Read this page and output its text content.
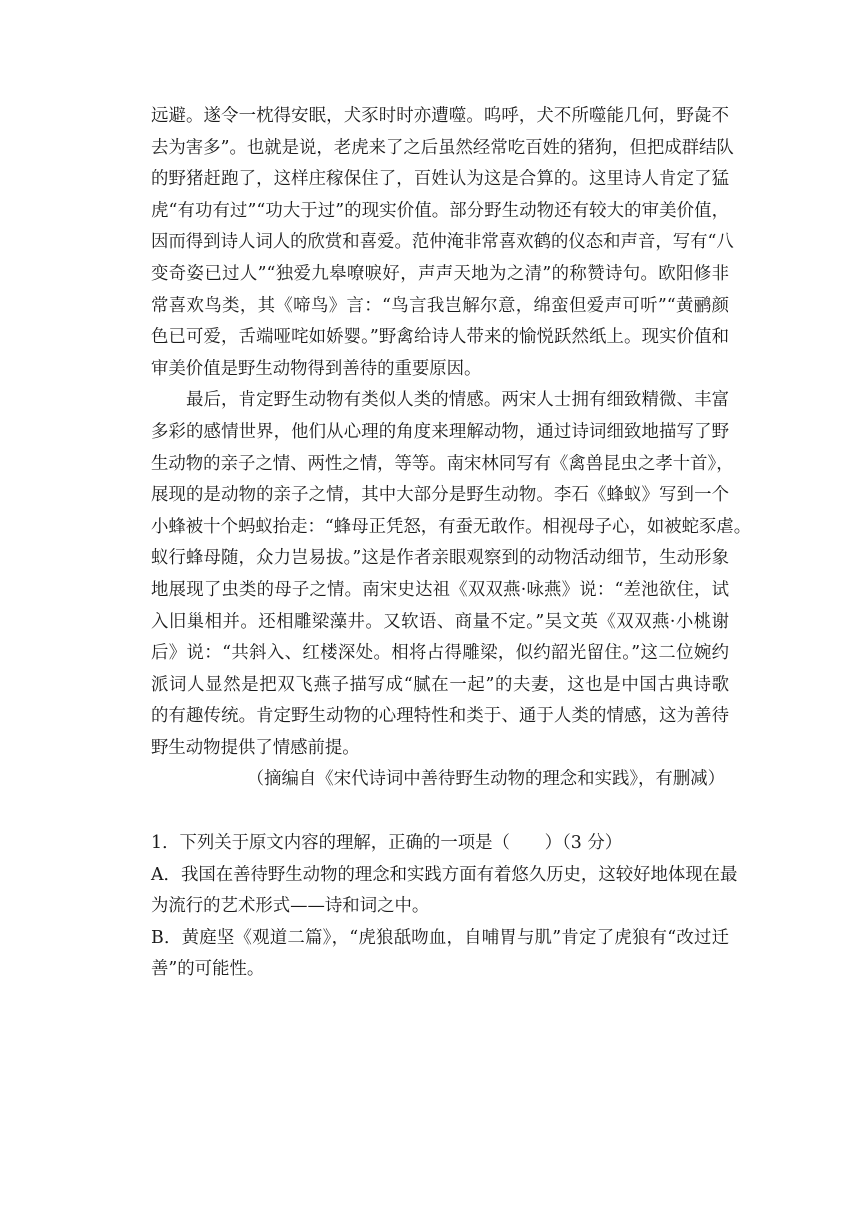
远避。遂令一枕得安眠，犬豕时时亦遭噬。呜呼，犬不所噬能几何，野彘不
去为害多”。也就是说，老虎来了之后虽然经常吃百姓的猪狗，但把成群结队
的野猪赶跑了，这样庄稼保住了，百姓认为这是合算的。这里诗人肯定了猛
虎“有功有过”“功大于过”的现实价值。部分野生动物还有较大的审美价值，
因而得到诗人词人的欣赏和喜爱。范仲淹非常喜欢鹤的仪态和声音，写有“八
变奇姿已过人”“独爱九皋嘹唳好，声声天地为之清”的称赞诗句。欧阳修非
常喜欢鸟类，其《啼鸟》言：“鸟言我岂解尔意，绵蛮但爱声可听”“黄鹂颜
色已可爱，舌端哑咤如娇婴。”野禽给诗人带来的愉悦跃然纸上。现实价值和
审美价值是野生动物得到善待的重要原因。
最后，肯定野生动物有类似人类的情感。两宋人士拥有细致精微、丰富
多彩的感情世界，他们从心理的角度来理解动物，通过诗词细致地描写了野
生动物的亲子之情、两性之情，等等。南宋林同写有《禽兽昆虫之孝十首》，
展现的是动物的亲子之情，其中大部分是野生动物。李石《蜂蚁》写到一个
小蜂被十个蚂蚁抬走：“蜂母正凭怒，有蚕无敢作。相视母子心，如被蛇豕虐。
蚁行蜂母随，众力岂易拔。”这是作者亲眼观察到的动物活动细节，生动形象
地展现了虫类的母子之情。南宋史达祖《双双燕·咏燕》说：“差池欲住，试
入旧巢相并。还相雕梁藻井。又软语、商量不定。”吴文英《双双燕·小桃谢
后》说：“共斜入、红楼深处。相将占得雕梁，似约韶光留住。”这二位婉约
派词人显然是把双飞燕子描写成“腻在一起”的夫妻，这也是中国古典诗歌
的有趣传统。肯定野生动物的心理特性和类于、通于人类的情感，这为善待
野生动物提供了情感前提。

（摘编自《宋代诗词中善待野生动物的理念和实践》，有删减）

1．下列关于原文内容的理解，正确的一项是（　　）（3 分）
A．我国在善待野生动物的理念和实践方面有着悠久历史，这较好地体现在最
为流行的艺术形式——诗和词之中。
B．黄庭坚《观道二篇》，“虎狼舐吻血，自哺胃与肌”肯定了虎狼有“改过迁
善”的可能性。
